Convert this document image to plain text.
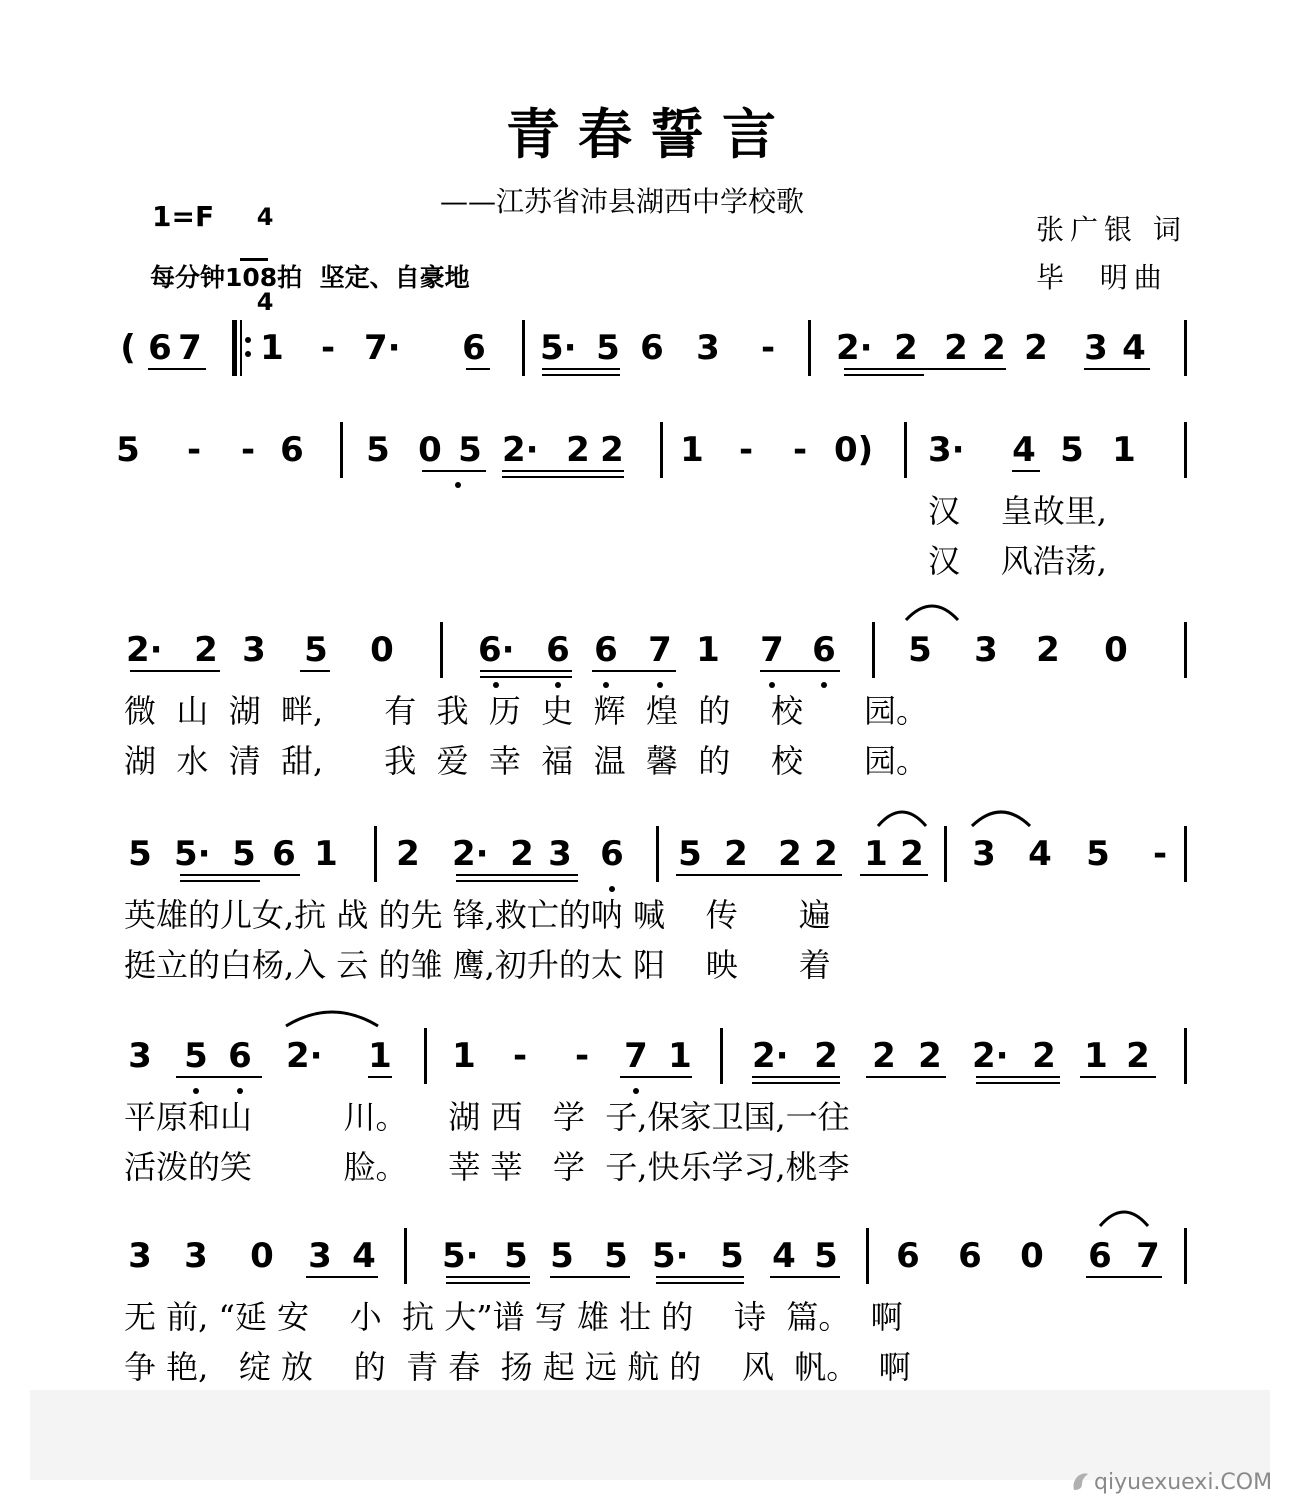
青春誓言
——江苏省沛县湖西中学校歌
1=F	4

4

每分钟108拍  坚定、自豪地
张广银 词
毕  明曲
( 6 7 1	- 7· 6 5· 5 6 3	-	2· 2 2 2 2 3 4
5	-	- 6 5 0 5 2· 2 2 1	-	- 0) 3· 4 5 1
汉    皇故里,
汉    风浩荡,
2· 2 3 5 0 6· 6 6 7 1 7 6 5 3 2 0
微  山  湖  畔,      有  我  历  史  辉  煌  的    校      园。
湖  水  清  甜,      我  爱  幸  福  温  馨  的    校      园。
5 5· 5 6 1 2 2· 2 3 6 5 2 2 2 1 2 3 4 5	-
英雄的儿女,抗 战 的先 锋,救亡的呐 喊    传      遍
挺立的白杨,入 云 的雏 鹰,初升的太 阳    映      着
3 5 6 2· 1 1	-	-	7 1 2· 2 2 2 2· 2 1 2
平原和山         川。    湖 西   学  子,保家卫国,一往
活泼的笑         脸。    莘 莘   学  子,快乐学习,桃李
3 3 0 3 4 5· 5 5 5 5· 5 4 5 6 6 0 6 7
无 前, “延 安    小  抗 大”谱 写 雄 壮 的    诗  篇。  啊
争 艳,   绽 放    的  青 春  扬 起 远 航 的    风  帆。  啊
qiyuexuexi.COM
